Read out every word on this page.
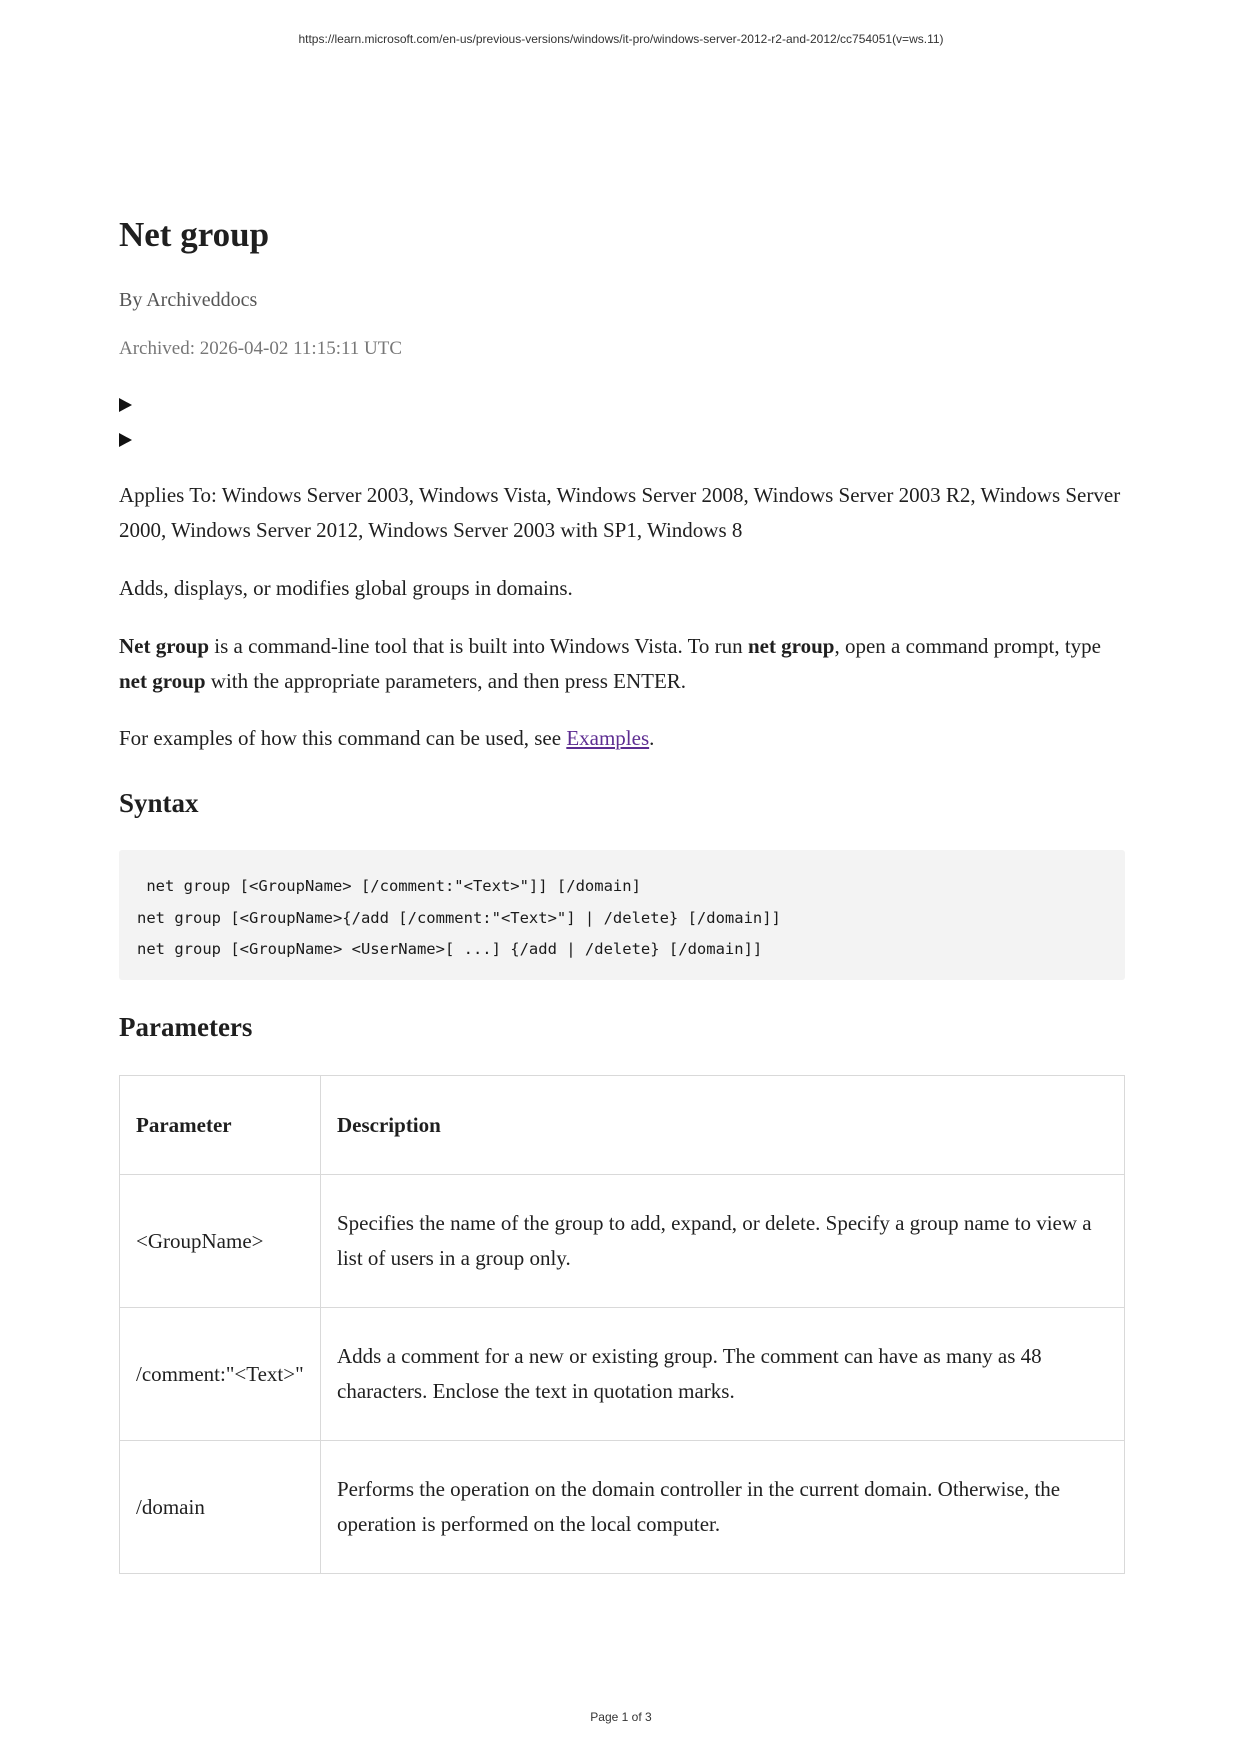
https://learn.microsoft.com/en-us/previous-versions/windows/it-pro/windows-server-2012-r2-and-2012/cc754051(v=ws.11)
Net group
By Archiveddocs
Archived: 2026-04-02 11:15:11 UTC

Applies To: Windows Server 2003, Windows Vista, Windows Server 2008, Windows Server 2003 R2, Windows Server 2000, Windows Server 2012, Windows Server 2003 with SP1, Windows 8

Adds, displays, or modifies global groups in domains.

Net group is a command-line tool that is built into Windows Vista. To run net group, open a command prompt, type net group with the appropriate parameters, and then press ENTER.

For examples of how this command can be used, see Examples.

Syntax
net group [<GroupName> [/comment:"<Text>"]] [/domain]
net group [<GroupName>{/add [/comment:"<Text>"] | /delete} [/domain]]
net group [<GroupName> <UserName>[ ...] {/add | /delete} [/domain]]
Parameters
Parameter	Description
<GroupName>	Specifies the name of the group to add, expand, or delete. Specify a group name to view a list of users in a group only.
/comment:"<Text>"	Adds a comment for a new or existing group. The comment can have as many as 48 characters. Enclose the text in quotation marks.
/domain	Performs the operation on the domain controller in the current domain. Otherwise, the operation is performed on the local computer.
Page 1 of 3
